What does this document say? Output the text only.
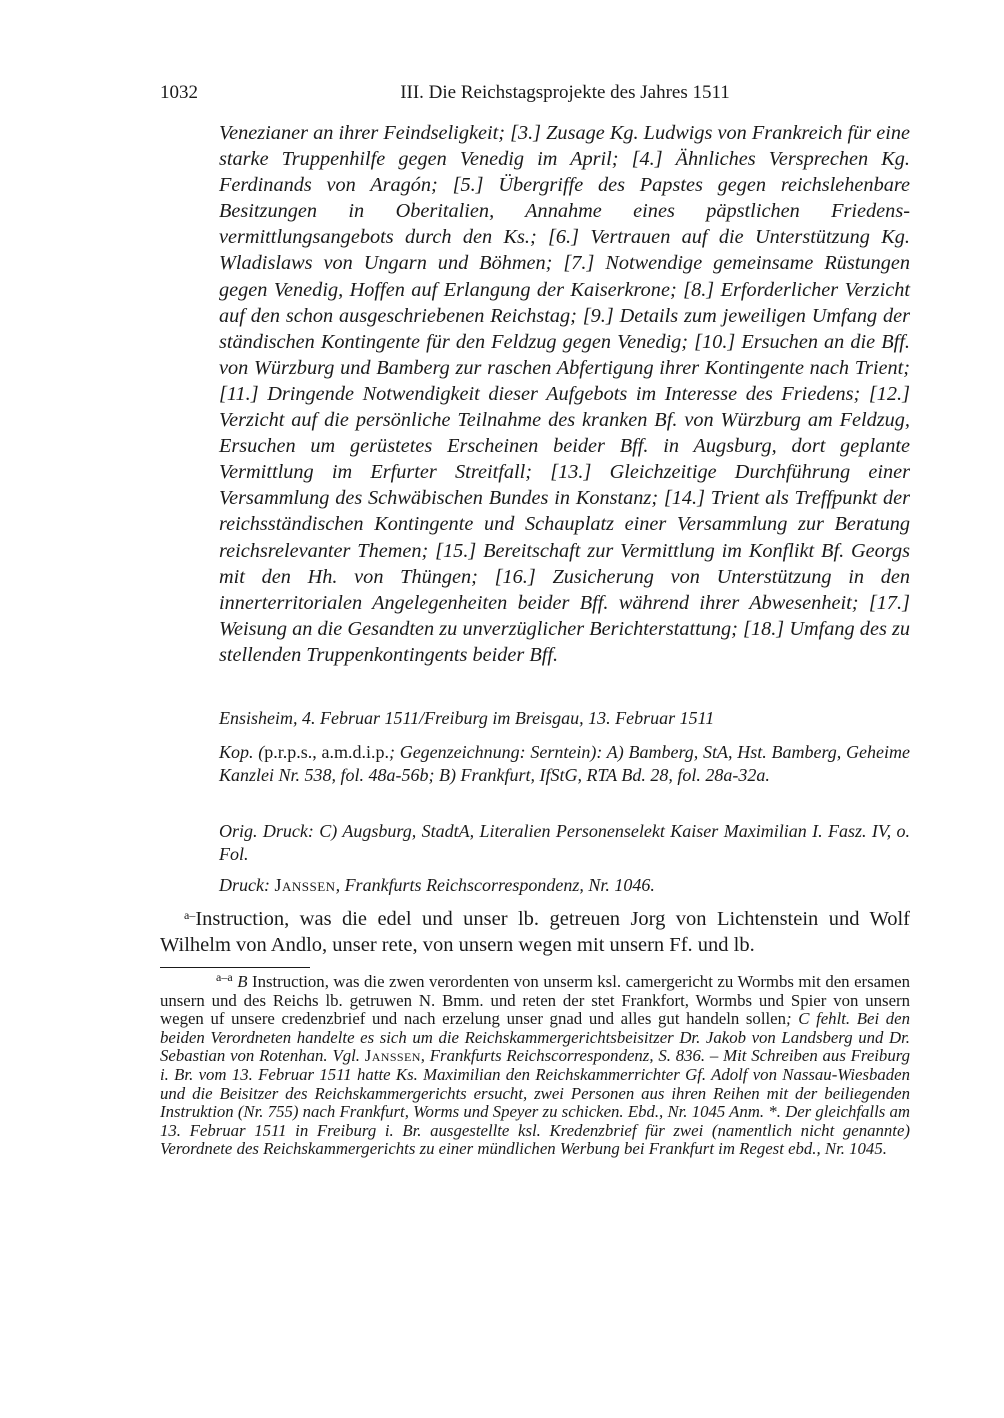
1032	III. Die Reichstagsprojekte des Jahres 1511

Venezianer an ihrer Feindseligkeit; [3.] Zusage Kg. Ludwigs von Frankreich für eine starke Truppenhilfe gegen Venedig im April; [4.] Ähnliches Versprechen Kg. Ferdinands von Aragón; [5.] Übergriffe des Papstes gegen reichslehenbare Besitzungen in Oberitalien, Annahme eines päpstlichen Friedensvermittlungsangebots durch den Ks.; [6.] Vertrauen auf die Unterstützung Kg. Wladislaws von Ungarn und Böhmen; [7.] Notwendige gemeinsame Rüstungen gegen Venedig, Hoffen auf Erlangung der Kaiserkrone; [8.] Erforderlicher Verzicht auf den schon ausgeschriebenen Reichstag; [9.] Details zum jeweiligen Umfang der ständischen Kontingente für den Feldzug gegen Venedig; [10.] Ersuchen an die Bff. von Würzburg und Bamberg zur raschen Abfertigung ihrer Kontingente nach Trient; [11.] Dringende Notwendigkeit dieser Aufgebots im Interesse des Friedens; [12.] Verzicht auf die persönliche Teilnahme des kranken Bf. von Würzburg am Feldzug, Ersuchen um gerüstetes Erscheinen beider Bff. in Augsburg, dort geplante Vermittlung im Erfurter Streitfall; [13.] Gleichzeitige Durchführung einer Versammlung des Schwäbischen Bundes in Konstanz; [14.] Trient als Treffpunkt der reichsständischen Kontingente und Schauplatz einer Versammlung zur Beratung reichsrelevanter Themen; [15.] Bereitschaft zur Vermittlung im Konflikt Bf. Georgs mit den Hh. von Thüngen; [16.] Zusicherung von Unterstützung in den innerterritorialen Angelegenheiten beider Bff. während ihrer Abwesenheit; [17.] Weisung an die Gesandten zu unverzüglicher Berichterstattung; [18.] Umfang des zu stellenden Truppenkontingents beider Bff.

Ensisheim, 4. Februar 1511/Freiburg im Breisgau, 13. Februar 1511

Kop. (p.r.p.s., a.m.d.i.p.; Gegenzeichnung: Serntein): A) Bamberg, StA, Hst. Bamberg, Geheime Kanzlei Nr. 538, fol. 48a-56b; B) Frankfurt, IfStG, RTA Bd. 28, fol. 28a-32a.

Orig. Druck: C) Augsburg, StadtA, Literalien Personenselekt Kaiser Maximilian I. Fasz. IV, o. Fol.

Druck: Janssen, Frankfurts Reichscorrespondenz, Nr. 1046.

$^{a-}$Instruction, was die edel und unser lb. getreuen Jorg von Lichtenstein und Wolf Wilhelm von Andlo, unser rete, von unsern wegen mit unsern Ff. und lb.

$^{a-a}$ B Instruction, was die zwen verordenten von unserm ksl. camergericht zu Wormbs mit den ersamen unsern und des Reichs lb. getruwen N. Bmm. und reten der stet Frankfort, Wormbs und Spier von unsern wegen uf unsere credenzbrief und nach erzelung unser gnad und alles gut handeln sollen; C fehlt. Bei den beiden Verordneten handelte es sich um die Reichskammergerichtsbeisitzer Dr. Jakob von Landsberg und Dr. Sebastian von Rotenhan. Vgl. Janssen, Frankfurts Reichscorrespondenz, S. 836. – Mit Schreiben aus Freiburg i. Br. vom 13. Februar 1511 hatte Ks. Maximilian den Reichskammerrichter Gf. Adolf von Nassau-Wiesbaden und die Beisitzer des Reichskammergerichts ersucht, zwei Personen aus ihren Reihen mit der beiliegenden Instruktion (Nr. 755) nach Frankfurt, Worms und Speyer zu schicken. Ebd., Nr. 1045 Anm. *. Der gleichfalls am 13. Februar 1511 in Freiburg i. Br. ausgestellte ksl. Kredenzbrief für zwei (namentlich nicht genannte) Verordnete des Reichskammergerichts zu einer mündlichen Werbung bei Frankfurt im Regest ebd., Nr. 1045.
